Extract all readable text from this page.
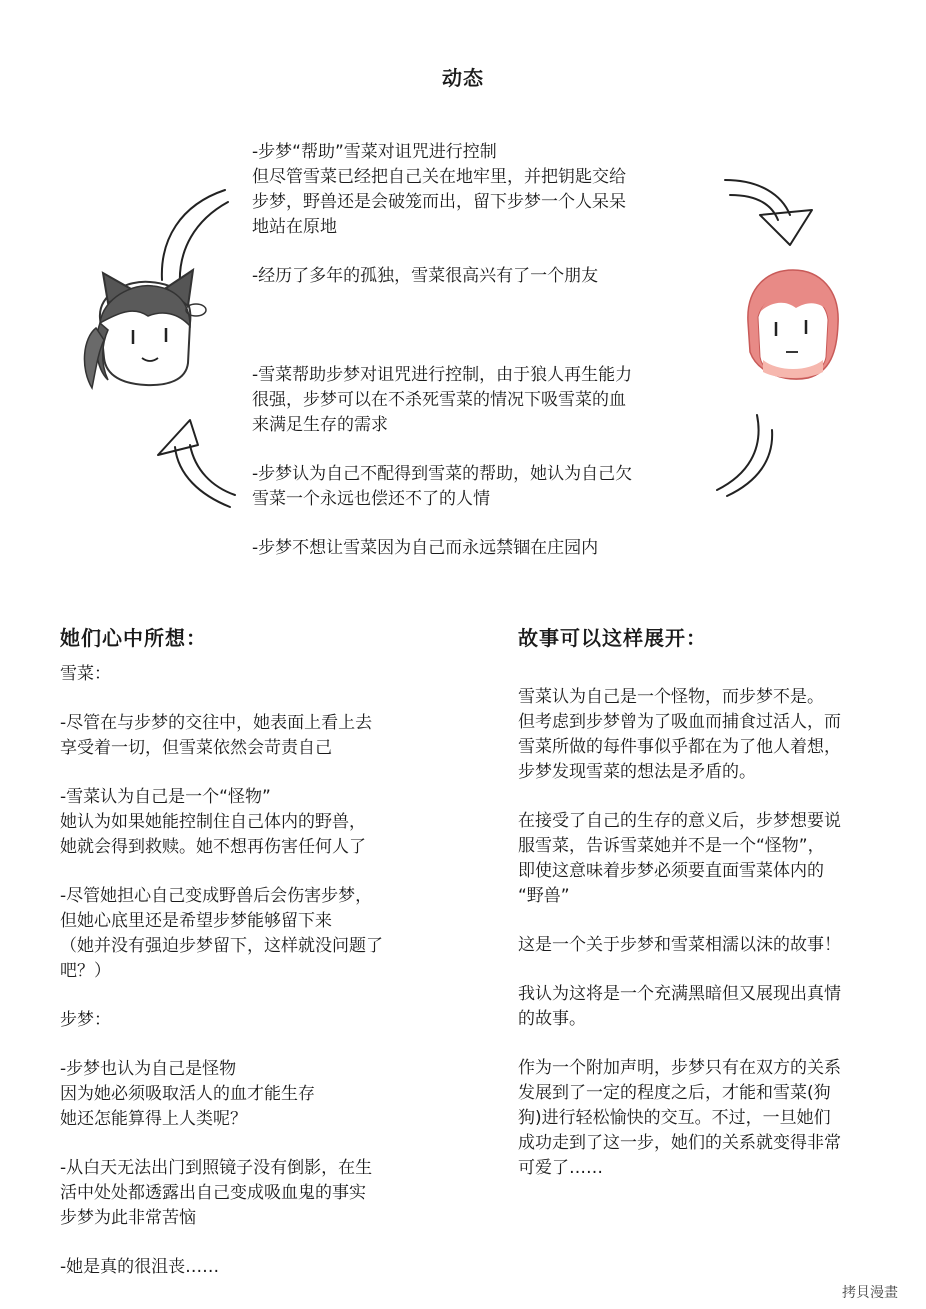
动态
-步梦“帮助”雪菜对诅咒进行控制
但尽管雪菜已经把自己关在地牢里，并把钥匙交给
步梦，野兽还是会破笼而出，留下步梦一个人呆呆
地站在原地
-经历了多年的孤独，雪菜很高兴有了一个朋友
-雪菜帮助步梦对诅咒进行控制，由于狼人再生能力
很强，步梦可以在不杀死雪菜的情况下吸雪菜的血
来满足生存的需求
-步梦认为自己不配得到雪菜的帮助，她认为自己欠
雪菜一个永远也偿还不了的人情
-步梦不想让雪菜因为自己而永远禁锢在庄园内
她们心中所想：
雪菜：
-尽管在与步梦的交往中，她表面上看上去
享受着一切，但雪菜依然会苛责自己
-雪菜认为自己是一个“怪物”
她认为如果她能控制住自己体内的野兽，
她就会得到救赎。她不想再伤害任何人了
-尽管她担心自己变成野兽后会伤害步梦，
但她心底里还是希望步梦能够留下来
（她并没有强迫步梦留下，这样就没问题了
吧？）
步梦：
-步梦也认为自己是怪物
因为她必须吸取活人的血才能生存
她还怎能算得上人类呢？
-从白天无法出门到照镜子没有倒影，在生
活中处处都透露出自己变成吸血鬼的事实
步梦为此非常苦恼
-她是真的很沮丧……
故事可以这样展开：
雪菜认为自己是一个怪物，而步梦不是。
但考虑到步梦曾为了吸血而捕食过活人，而
雪菜所做的每件事似乎都在为了他人着想，
步梦发现雪菜的想法是矛盾的。
在接受了自己的生存的意义后，步梦想要说
服雪菜，告诉雪菜她并不是一个“怪物”，
即使这意味着步梦必须要直面雪菜体内的
“野兽”
这是一个关于步梦和雪菜相濡以沫的故事！
我认为这将是一个充满黑暗但又展现出真情
的故事。
作为一个附加声明，步梦只有在双方的关系
发展到了一定的程度之后，才能和雪菜(狗
狗)进行轻松愉快的交互。不过，一旦她们
成功走到了这一步，她们的关系就变得非常
可爱了……
拷貝漫畫
